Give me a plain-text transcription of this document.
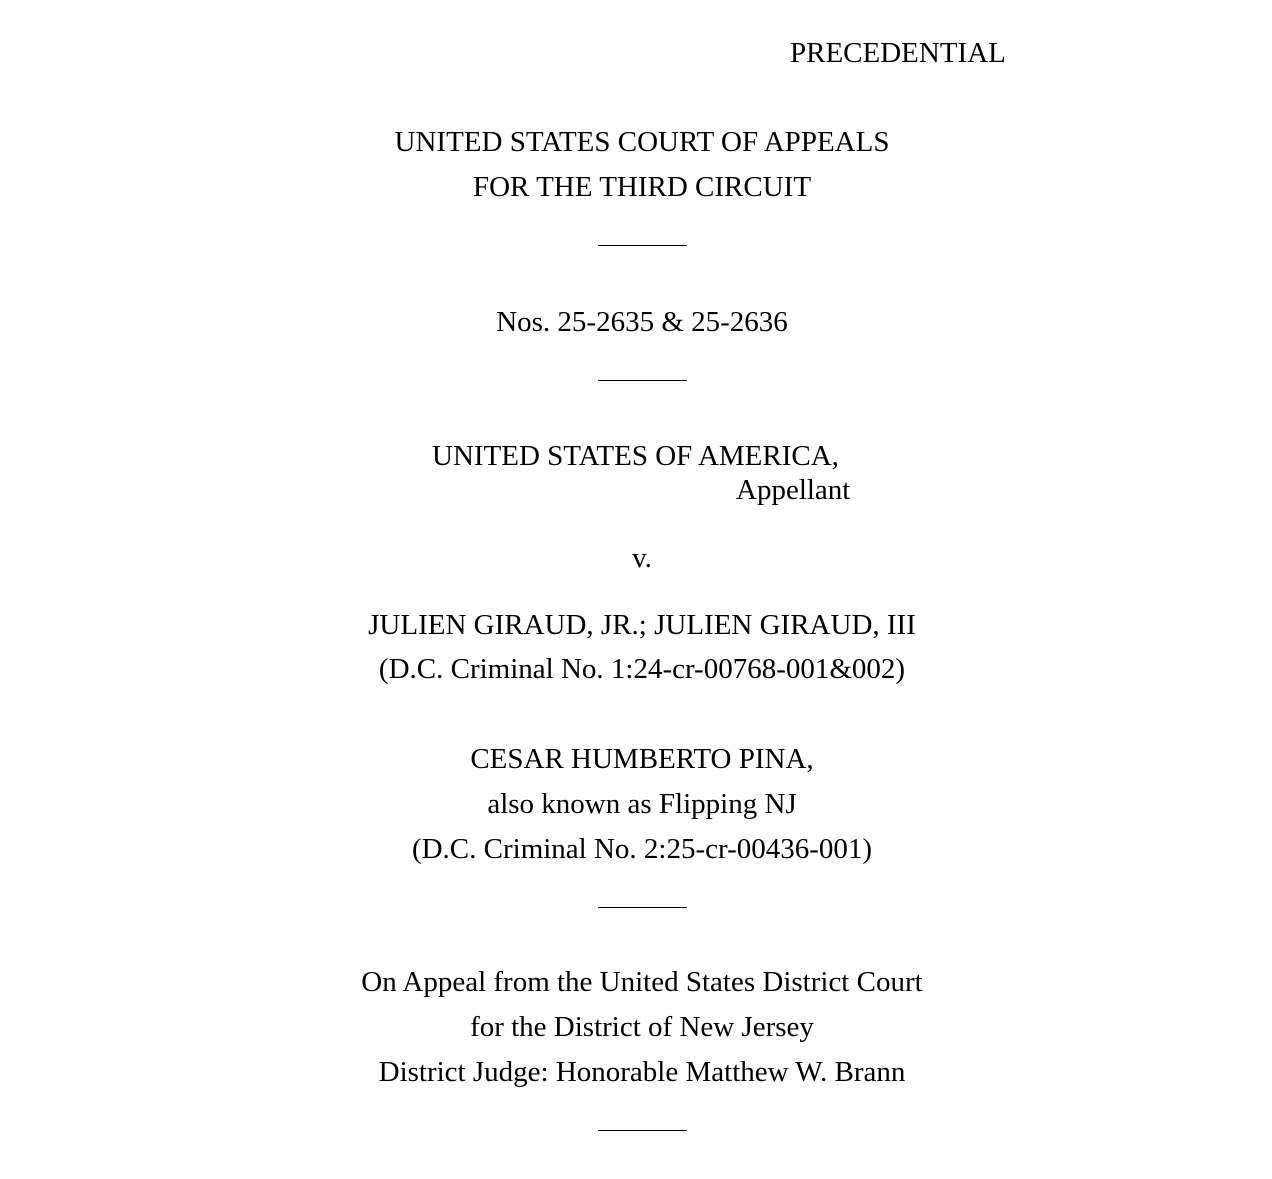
PRECEDENTIAL
UNITED STATES COURT OF APPEALS
FOR THE THIRD CIRCUIT
Nos. 25-2635 & 25-2636
UNITED STATES OF AMERICA,
Appellant
v.
JULIEN GIRAUD, JR.; JULIEN GIRAUD, III
(D.C. Criminal No. 1:24-cr-00768-001&002)
CESAR HUMBERTO PINA,
also known as Flipping NJ
(D.C. Criminal No. 2:25-cr-00436-001)
On Appeal from the United States District Court
for the District of New Jersey
District Judge: Honorable Matthew W. Brann
